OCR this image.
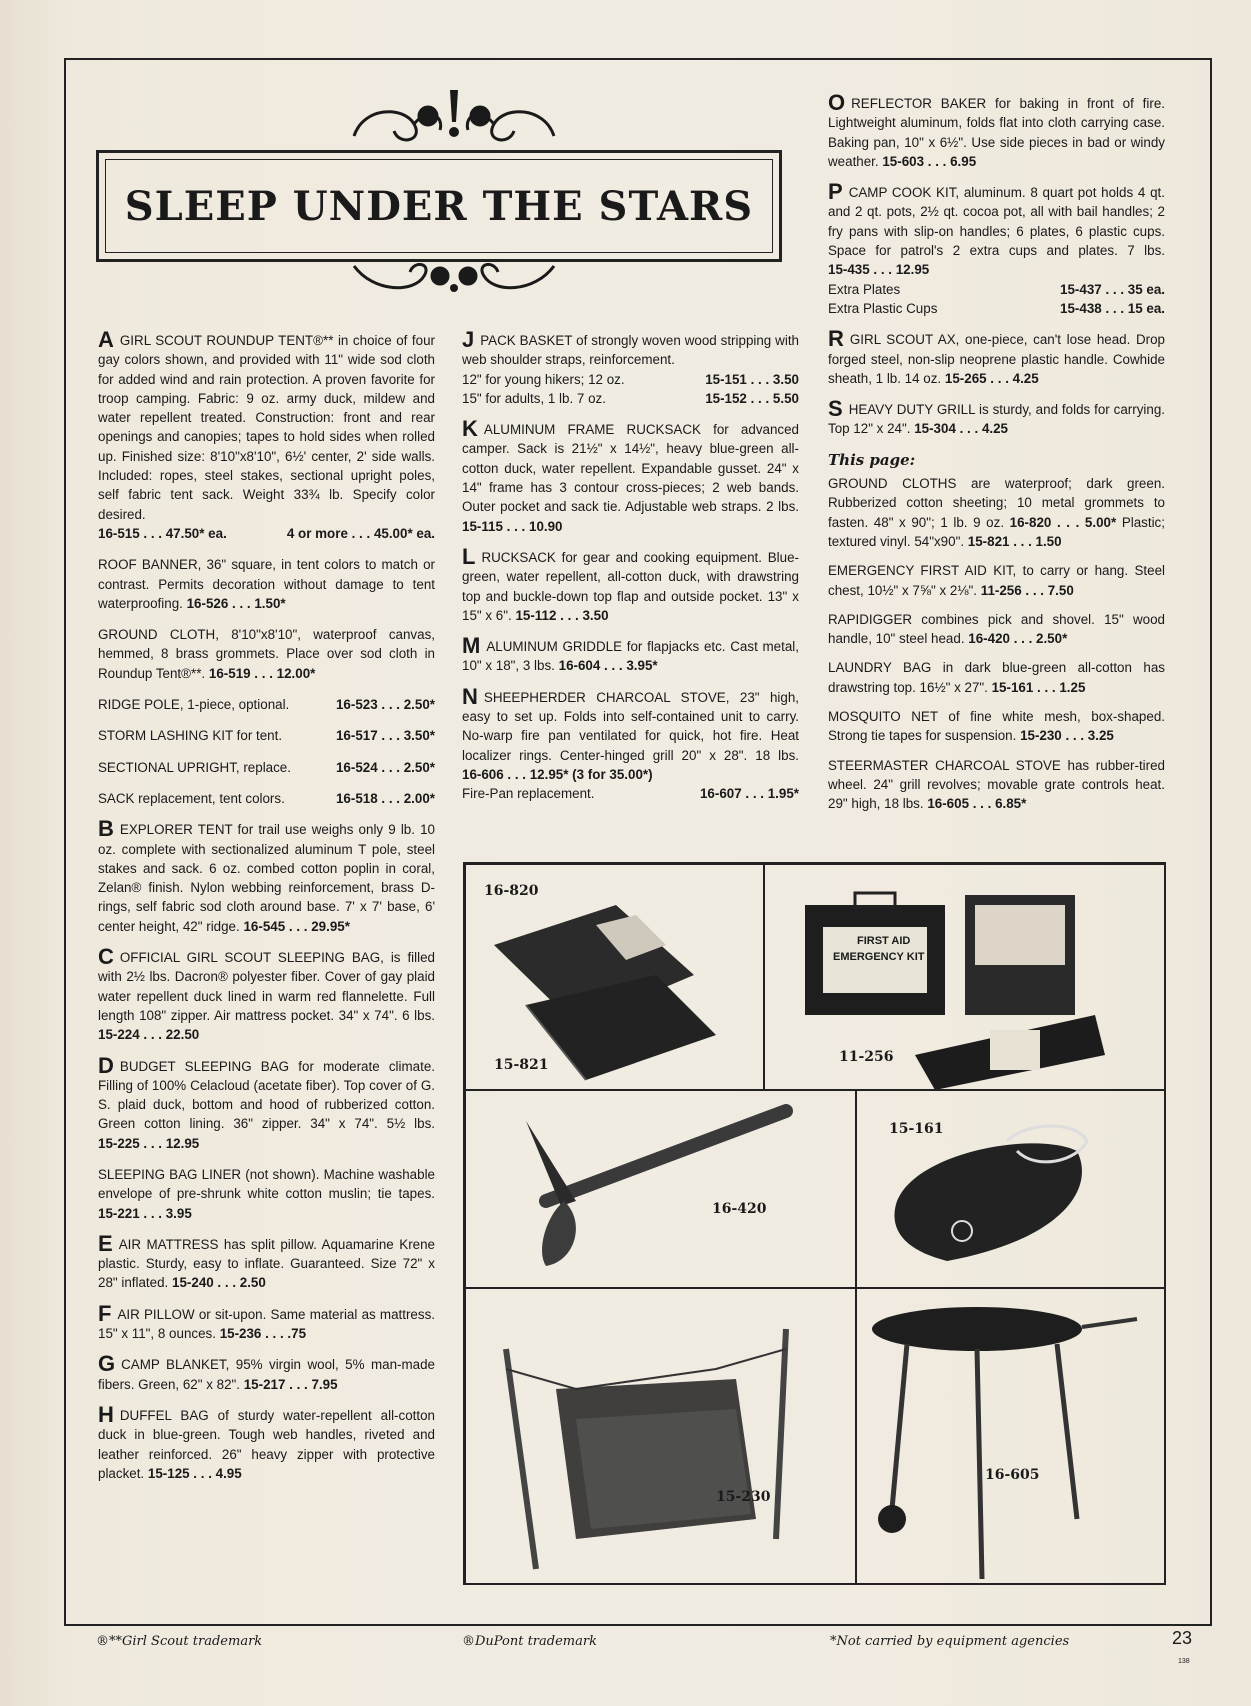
SLEEP UNDER THE STARS
AGIRL SCOUT ROUNDUP TENT®** in choice of four gay colors shown, and provided with 11" wide sod cloth for added wind and rain protection. A proven favorite for troop camping. Fabric: 9 oz. army duck, mildew and water repellent treated. Construction: front and rear openings and canopies; tapes to hold sides when rolled up. Finished size: 8'10"x8'10", 6½' center, 2' side walls. Included: ropes, steel stakes, sectional upright poles, self fabric tent sack. Weight 33¾ lb. Specify color desired.
16-515 . . . 47.50* ea.	4 or more . . . 45.00* ea.
ROOF BANNER, 36" square, in tent colors to match or contrast. Permits decoration without damage to tent waterproofing. 16-526 . . . 1.50*
GROUND CLOTH, 8'10"x8'10", waterproof canvas, hemmed, 8 brass grommets. Place over sod cloth in Roundup Tent®**. 16-519 . . . 12.00*
RIDGE POLE, 1-piece, optional.	16-523 . . . 2.50*
STORM LASHING KIT for tent.	16-517 . . . 3.50*
SECTIONAL UPRIGHT, replace.	16-524 . . . 2.50*
SACK replacement, tent colors.	16-518 . . . 2.00*
BEXPLORER TENT for trail use weighs only 9 lb. 10 oz. complete with sectionalized aluminum T pole, steel stakes and sack. 6 oz. combed cotton poplin in coral, Zelan® finish. Nylon webbing reinforcement, brass D-rings, self fabric sod cloth around base. 7' x 7' base, 6' center height, 42" ridge. 16-545 . . . 29.95*
COFFICIAL GIRL SCOUT SLEEPING BAG, is filled with 2½ lbs. Dacron® polyester fiber. Cover of gay plaid water repellent duck lined in warm red flannelette. Full length 108" zipper. Air mattress pocket. 34" x 74". 6 lbs. 15-224 . . . 22.50
DBUDGET SLEEPING BAG for moderate climate. Filling of 100% Celacloud (acetate fiber). Top cover of G. S. plaid duck, bottom and hood of rubberized cotton. Green cotton lining. 36" zipper. 34" x 74". 5½ lbs. 15-225 . . . 12.95
SLEEPING BAG LINER (not shown). Machine washable envelope of pre-shrunk white cotton muslin; tie tapes. 15-221 . . . 3.95
EAIR MATTRESS has split pillow. Aquamarine Krene plastic. Sturdy, easy to inflate. Guaranteed. Size 72" x 28" inflated. 15-240 . . . 2.50
FAIR PILLOW or sit-upon. Same material as mattress. 15" x 11", 8 ounces. 15-236 . . . .75
GCAMP BLANKET, 95% virgin wool, 5% man-made fibers. Green, 62" x 82". 15-217 . . . 7.95
HDUFFEL BAG of sturdy water-repellent all-cotton duck in blue-green. Tough web handles, riveted and leather reinforced. 26" heavy zipper with protective placket. 15-125 . . . 4.95
JPACK BASKET of strongly woven wood stripping with web shoulder straps, reinforcement.
12" for young hikers; 12 oz.	15-151 . . . 3.50
15" for adults, 1 lb. 7 oz.	15-152 . . . 5.50
KALUMINUM FRAME RUCKSACK for advanced camper. Sack is 21½" x 14½", heavy blue-green all-cotton duck, water repellent. Expandable gusset. 24" x 14" frame has 3 contour cross-pieces; 2 web bands. Outer pocket and sack tie. Adjustable web straps. 2 lbs. 15-115 . . . 10.90
LRUCKSACK for gear and cooking equipment. Blue-green, water repellent, all-cotton duck, with drawstring top and buckle-down top flap and outside pocket. 13" x 15" x 6". 15-112 . . . 3.50
MALUMINUM GRIDDLE for flapjacks etc. Cast metal, 10" x 18", 3 lbs. 16-604 . . . 3.95*
NSHEEPHERDER CHARCOAL STOVE, 23" high, easy to set up. Folds into self-contained unit to carry. No-warp fire pan ventilated for quick, hot fire. Heat localizer rings. Center-hinged grill 20" x 28". 18 lbs. 16-606 . . . 12.95* (3 for 35.00*)
Fire-Pan replacement.	16-607 . . . 1.95*
OREFLECTOR BAKER for baking in front of fire. Lightweight aluminum, folds flat into cloth carrying case. Baking pan, 10" x 6½". Use side pieces in bad or windy weather. 15-603 . . . 6.95
PCAMP COOK KIT, aluminum. 8 quart pot holds 4 qt. and 2 qt. pots, 2½ qt. cocoa pot, all with bail handles; 2 fry pans with slip-on handles; 6 plates, 6 plastic cups. Space for patrol's 2 extra cups and plates. 7 lbs. 15-435 . . . 12.95
Extra Plates	15-437 . . . 35 ea.
Extra Plastic Cups	15-438 . . . 15 ea.
RGIRL SCOUT AX, one-piece, can't lose head. Drop forged steel, non-slip neoprene plastic handle. Cowhide sheath, 1 lb. 14 oz. 15-265 . . . 4.25
SHEAVY DUTY GRILL is sturdy, and folds for carrying. Top 12" x 24". 15-304 . . . 4.25
This page:
GROUND CLOTHS are waterproof; dark green. Rubberized cotton sheeting; 10 metal grommets to fasten. 48" x 90"; 1 lb. 9 oz. 16-820 . . . 5.00* Plastic; textured vinyl. 54"x90". 15-821 . . . 1.50
EMERGENCY FIRST AID KIT, to carry or hang. Steel chest, 10½" x 7⅝" x 2⅛". 11-256 . . . 7.50
RAPIDIGGER combines pick and shovel. 15" wood handle, 10" steel head. 16-420 . . . 2.50*
LAUNDRY BAG in dark blue-green all-cotton has drawstring top. 16½" x 27". 15-161 . . . 1.25
MOSQUITO NET of fine white mesh, box-shaped. Strong tie tapes for suspension. 15-230 . . . 3.25
STEERMASTER CHARCOAL STOVE has rubber-tired wheel. 24" grill revolves; movable grate controls heat. 29" high, 18 lbs. 16-605 . . . 6.85*
16-820
15-821
FIRST AID
EMERGENCY KIT
11-256
16-420
15-161
15-230
16-605
®**Girl Scout trademark	®DuPont trademark	*Not carried by equipment agencies	23
138
